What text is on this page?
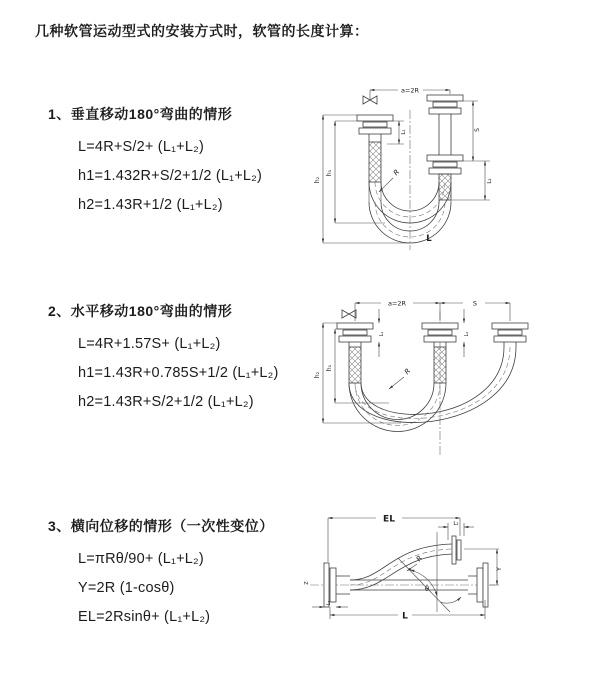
几种软管运动型式的安装方式时，软管的长度计算：

1、垂直移动180°弯曲的情形

L=4R+S/2+ (L₁+L₂)

h1=1.432R+S/2+1/2 (L₁+L₂)

h2=1.43R+1/2 (L₁+L₂)

2、水平移动180°弯曲的情形

L=4R+1.57S+ (L₁+L₂)

h1=1.43R+0.785S+1/2 (L₁+L₂)

h2=1.43R+S/2+1/2 (L₁+L₂)

3、横向位移的情形（一次性变位）

L=πRθ/90+ (L₁+L₂)

Y=2R (1-cosθ)

EL=2Rsinθ+ (L₁+L₂)

a=2R
h₂
h₁
L₁	S
L₂
R
L
a=2R	S
h₂
h₁
L₁	L₂
R
EL	L₂
Y
L
L₁
R
θ
Z
